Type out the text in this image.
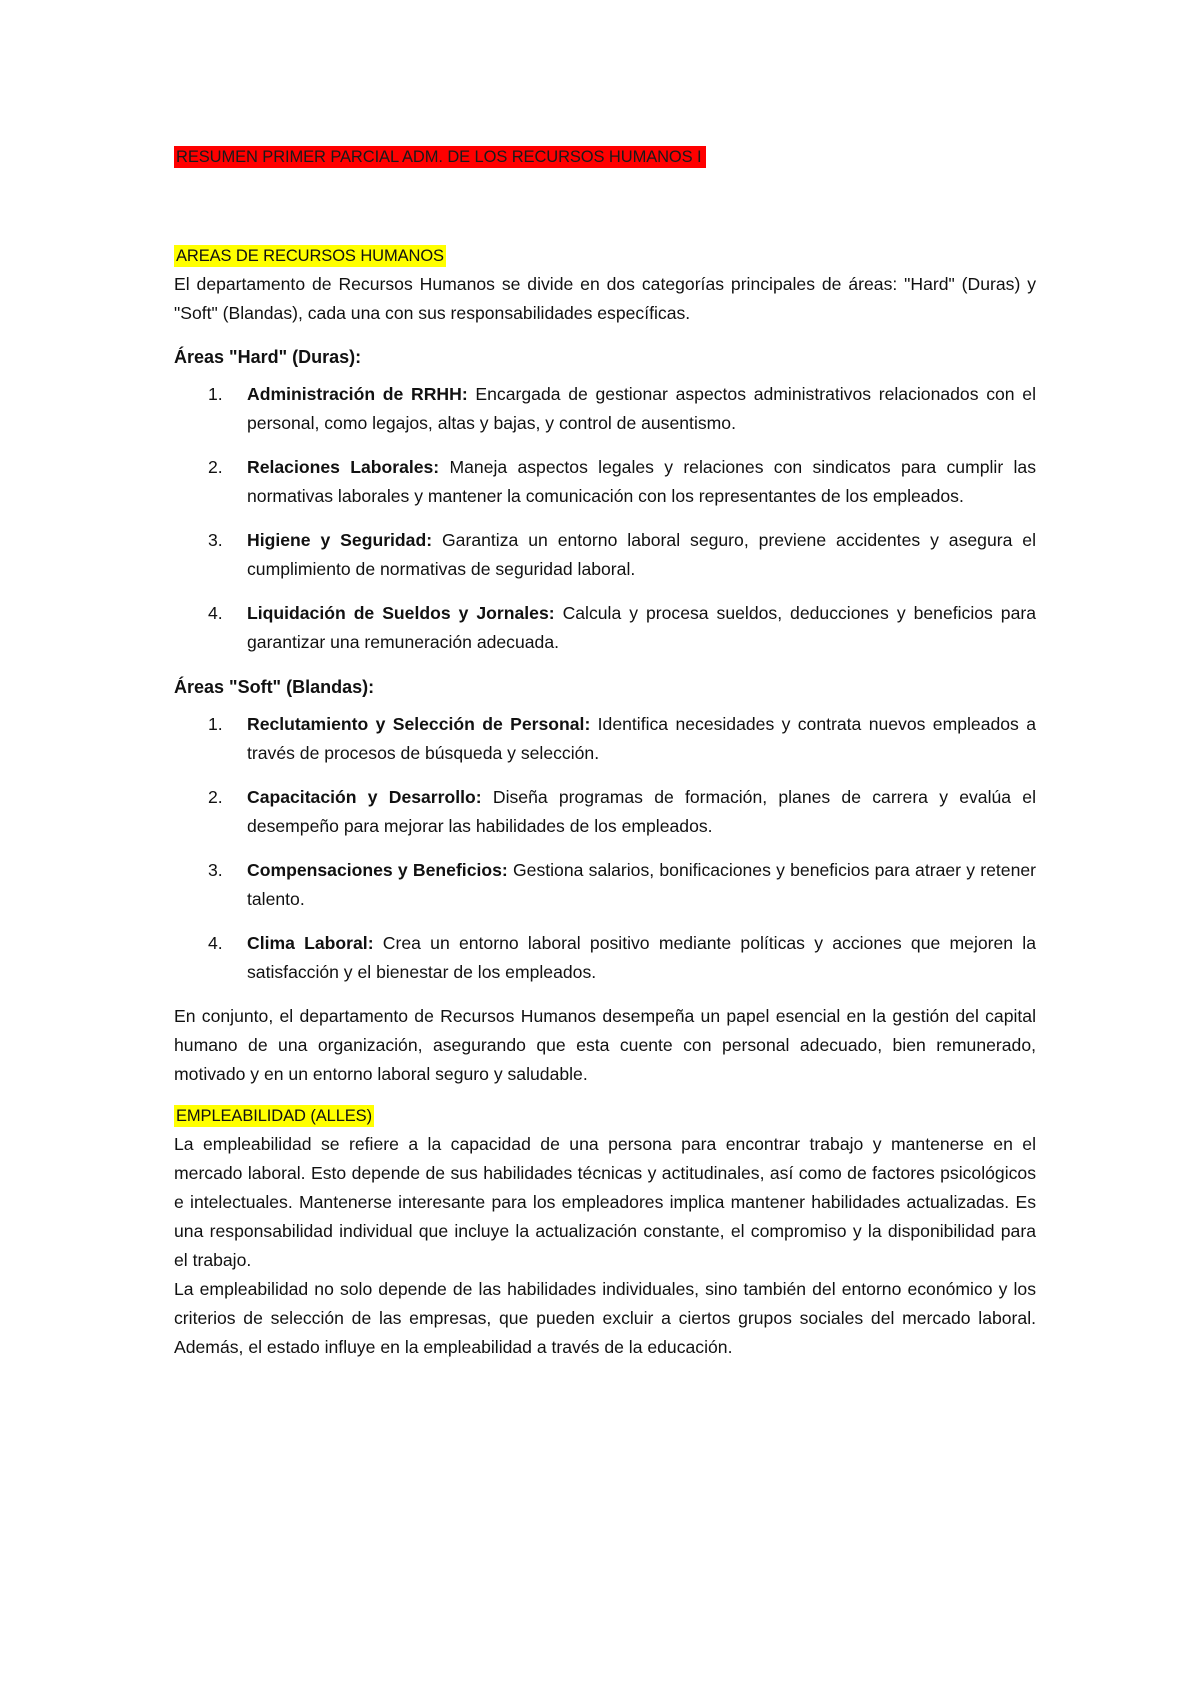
RESUMEN PRIMER PARCIAL ADM. DE LOS RECURSOS HUMANOS I
AREAS DE RECURSOS HUMANOS

El departamento de Recursos Humanos se divide en dos categorías principales de áreas: "Hard" (Duras) y "Soft" (Blandas), cada una con sus responsabilidades específicas.

Áreas "Hard" (Duras):
1. Administración de RRHH: Encargada de gestionar aspectos administrativos relacionados con el personal, como legajos, altas y bajas, y control de ausentismo.
2. Relaciones Laborales: Maneja aspectos legales y relaciones con sindicatos para cumplir las normativas laborales y mantener la comunicación con los representantes de los empleados.
3. Higiene y Seguridad: Garantiza un entorno laboral seguro, previene accidentes y asegura el cumplimiento de normativas de seguridad laboral.
4. Liquidación de Sueldos y Jornales: Calcula y procesa sueldos, deducciones y beneficios para garantizar una remuneración adecuada.
Áreas "Soft" (Blandas):
1. Reclutamiento y Selección de Personal: Identifica necesidades y contrata nuevos empleados a través de procesos de búsqueda y selección.
2. Capacitación y Desarrollo: Diseña programas de formación, planes de carrera y evalúa el desempeño para mejorar las habilidades de los empleados.
3. Compensaciones y Beneficios: Gestiona salarios, bonificaciones y beneficios para atraer y retener talento.
4. Clima Laboral: Crea un entorno laboral positivo mediante políticas y acciones que mejoren la satisfacción y el bienestar de los empleados.

En conjunto, el departamento de Recursos Humanos desempeña un papel esencial en la gestión del capital humano de una organización, asegurando que esta cuente con personal adecuado, bien remunerado, motivado y en un entorno laboral seguro y saludable.

EMPLEABILIDAD (ALLES)

La empleabilidad se refiere a la capacidad de una persona para encontrar trabajo y mantenerse en el mercado laboral. Esto depende de sus habilidades técnicas y actitudinales, así como de factores psicológicos e intelectuales. Mantenerse interesante para los empleadores implica mantener habilidades actualizadas. Es una responsabilidad individual que incluye la actualización constante, el compromiso y la disponibilidad para el trabajo.

La empleabilidad no solo depende de las habilidades individuales, sino también del entorno económico y los criterios de selección de las empresas, que pueden excluir a ciertos grupos sociales del mercado laboral. Además, el estado influye en la empleabilidad a través de la educación.
